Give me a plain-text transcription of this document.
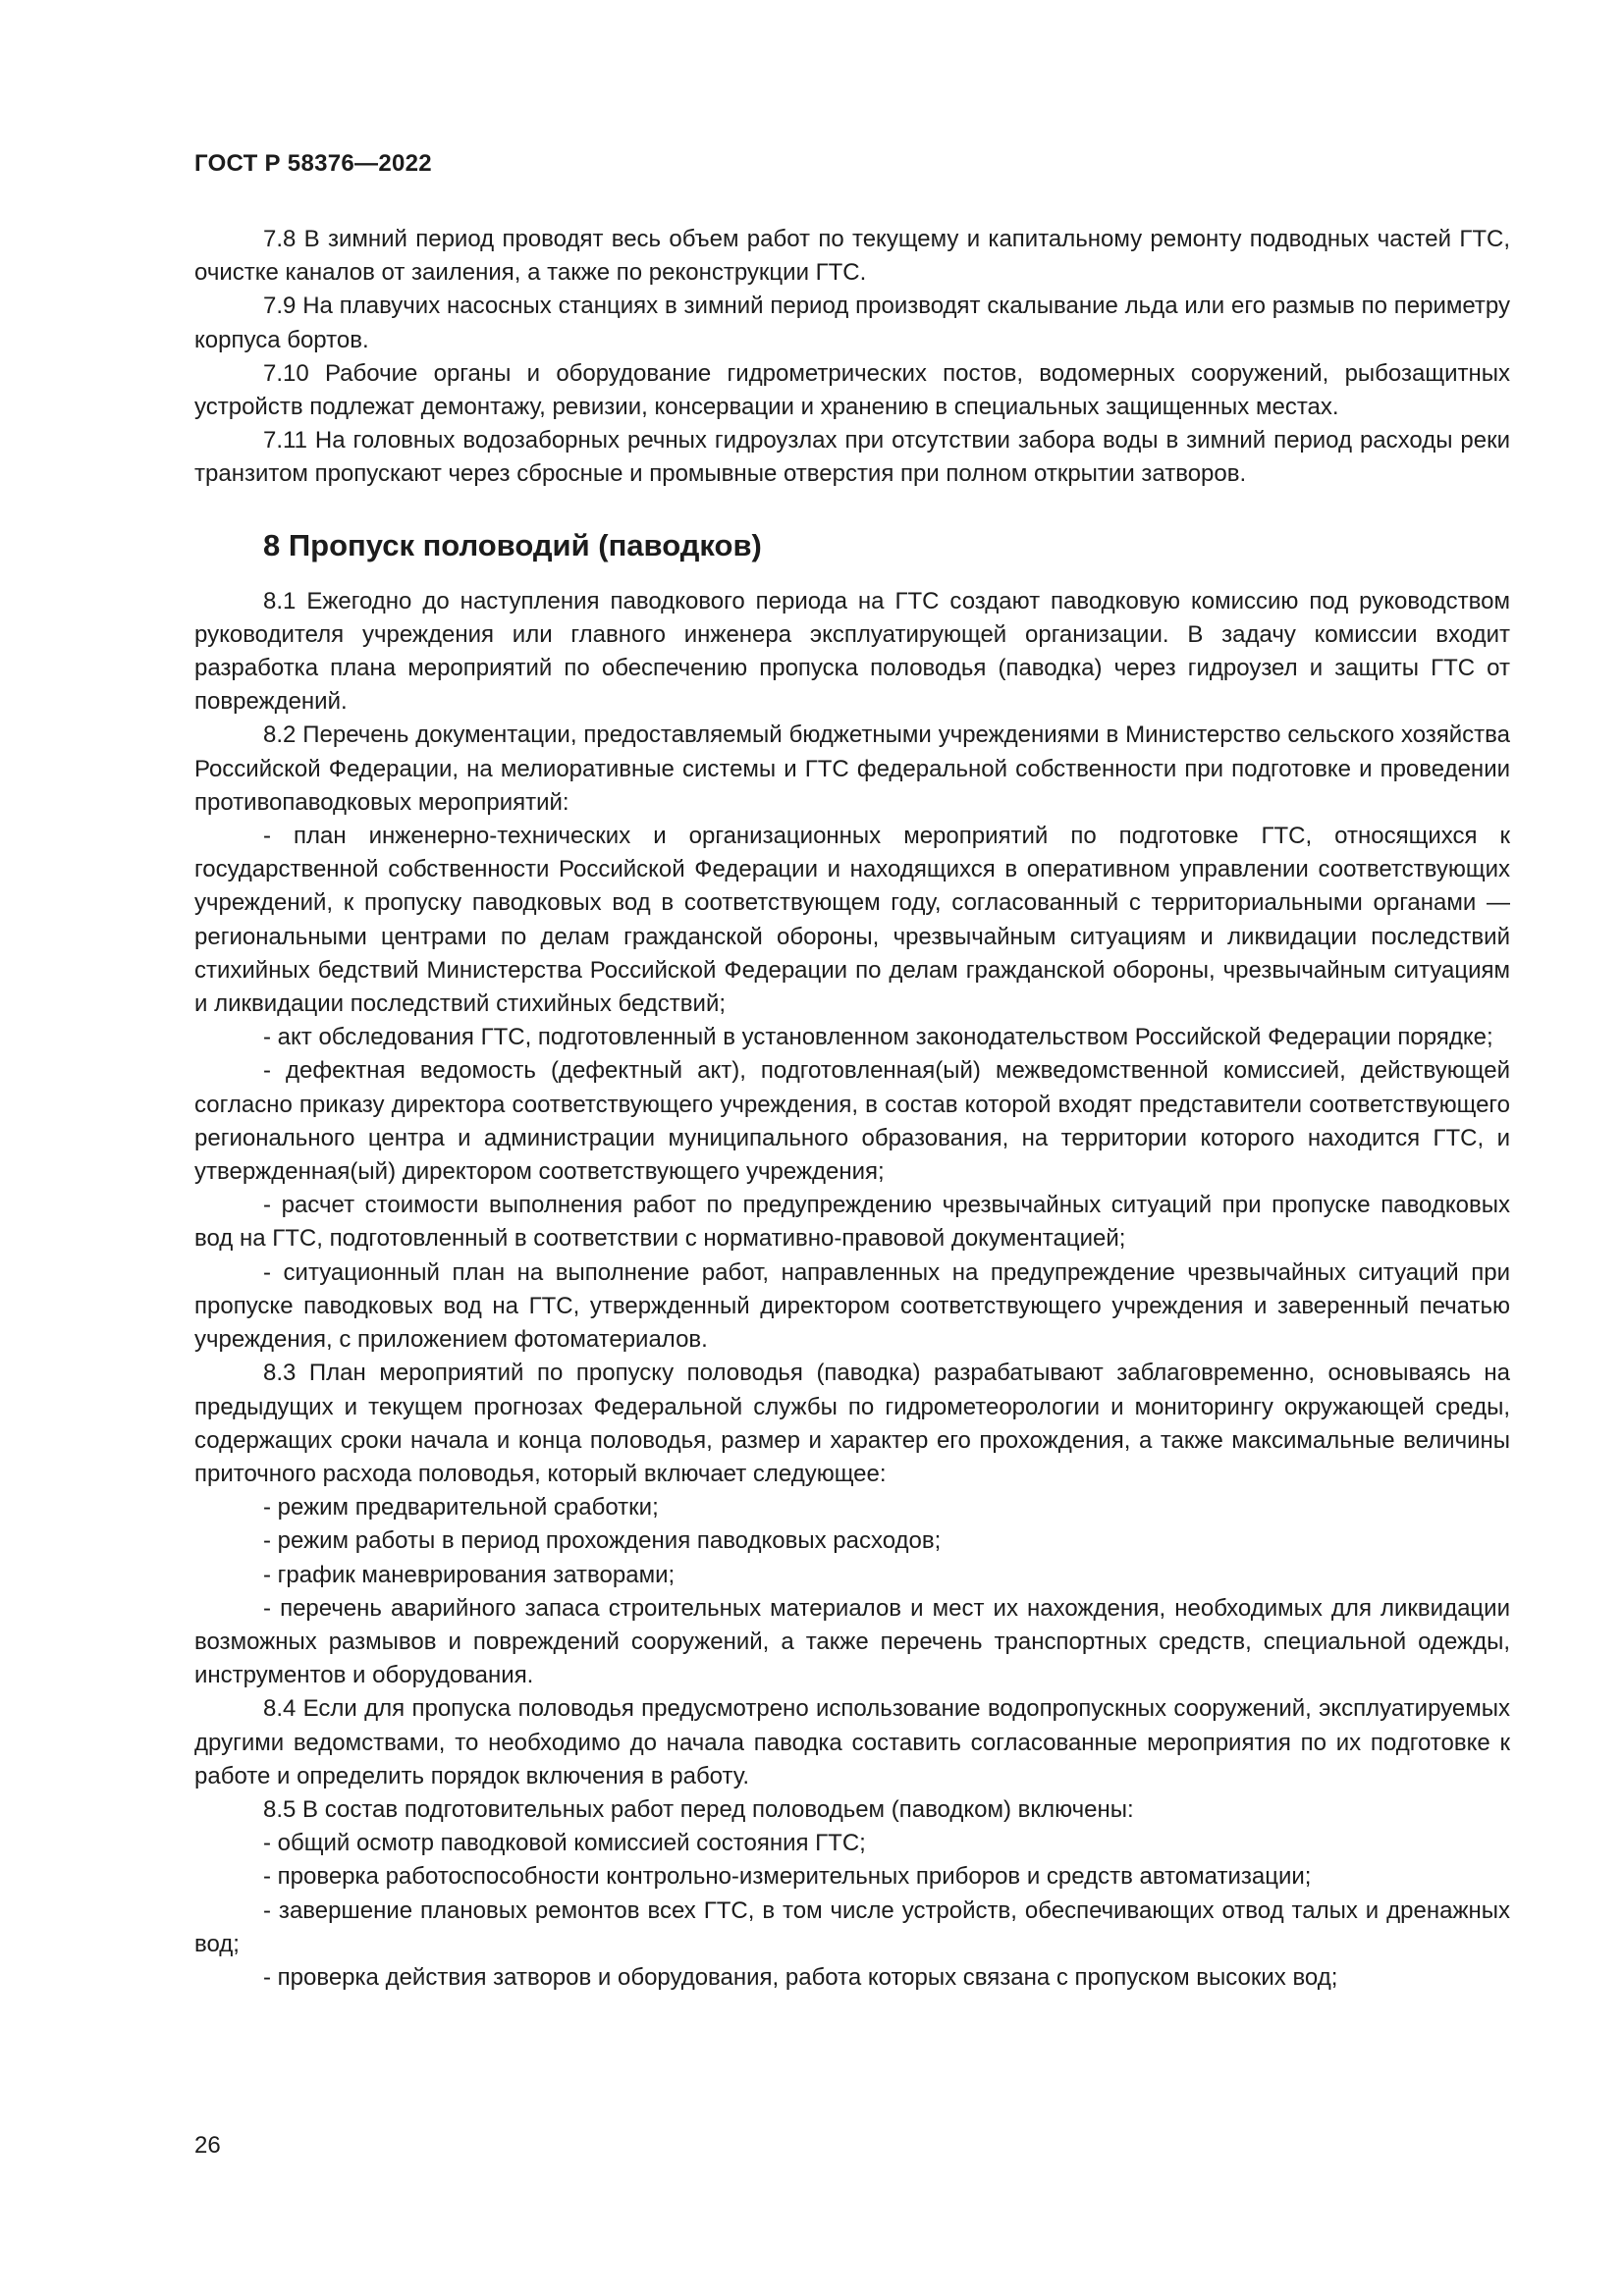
ГОСТ Р 58376—2022

7.8 В зимний период проводят весь объем работ по текущему и капитальному ремонту подводных частей ГТС, очистке каналов от заиления, а также по реконструкции ГТС.

7.9 На плавучих насосных станциях в зимний период производят скалывание льда или его размыв по периметру корпуса бортов.

7.10 Рабочие органы и оборудование гидрометрических постов, водомерных сооружений, рыбозащитных устройств подлежат демонтажу, ревизии, консервации и хранению в специальных защищенных местах.

7.11 На головных водозаборных речных гидроузлах при отсутствии забора воды в зимний период расходы реки транзитом пропускают через сбросные и промывные отверстия при полном открытии затворов.

8 Пропуск половодий (паводков)

8.1 Ежегодно до наступления паводкового периода на ГТС создают паводковую комиссию под руководством руководителя учреждения или главного инженера эксплуатирующей организации. В задачу комиссии входит разработка плана мероприятий по обеспечению пропуска половодья (паводка) через гидроузел и защиты ГТС от повреждений.

8.2 Перечень документации, предоставляемый бюджетными учреждениями в Министерство сельского хозяйства Российской Федерации, на мелиоративные системы и ГТС федеральной собственности при подготовке и проведении противопаводковых мероприятий:

- план инженерно-технических и организационных мероприятий по подготовке ГТС, относящихся к государственной собственности Российской Федерации и находящихся в оперативном управлении соответствующих учреждений, к пропуску паводковых вод в соответствующем году, согласованный с территориальными органами — региональными центрами по делам гражданской обороны, чрезвычайным ситуациям и ликвидации последствий стихийных бедствий Министерства Российской Федерации по делам гражданской обороны, чрезвычайным ситуациям и ликвидации последствий стихийных бедствий;

- акт обследования ГТС, подготовленный в установленном законодательством Российской Федерации порядке;

- дефектная ведомость (дефектный акт), подготовленная(ый) межведомственной комиссией, действующей согласно приказу директора соответствующего учреждения, в состав которой входят представители соответствующего регионального центра и администрации муниципального образования, на территории которого находится ГТС, и утвержденная(ый) директором соответствующего учреждения;

- расчет стоимости выполнения работ по предупреждению чрезвычайных ситуаций при пропуске паводковых вод на ГТС, подготовленный в соответствии с нормативно-правовой документацией;

- ситуационный план на выполнение работ, направленных на предупреждение чрезвычайных ситуаций при пропуске паводковых вод на ГТС, утвержденный директором соответствующего учреждения и заверенный печатью учреждения, с приложением фотоматериалов.

8.3 План мероприятий по пропуску половодья (паводка) разрабатывают заблаговременно, основываясь на предыдущих и текущем прогнозах Федеральной службы по гидрометеорологии и мониторингу окружающей среды, содержащих сроки начала и конца половодья, размер и характер его прохождения, а также максимальные величины приточного расхода половодья, который включает следующее:

- режим предварительной сработки;

- режим работы в период прохождения паводковых расходов;

- график маневрирования затворами;

- перечень аварийного запаса строительных материалов и мест их нахождения, необходимых для ликвидации возможных размывов и повреждений сооружений, а также перечень транспортных средств, специальной одежды, инструментов и оборудования.

8.4 Если для пропуска половодья предусмотрено использование водопропускных сооружений, эксплуатируемых другими ведомствами, то необходимо до начала паводка составить согласованные мероприятия по их подготовке к работе и определить порядок включения в работу.

8.5 В состав подготовительных работ перед половодьем (паводком) включены:

- общий осмотр паводковой комиссией состояния ГТС;

- проверка работоспособности контрольно-измерительных приборов и средств автоматизации;

- завершение плановых ремонтов всех ГТС, в том числе устройств, обеспечивающих отвод талых и дренажных вод;

- проверка действия затворов и оборудования, работа которых связана с пропуском высоких вод;

26
